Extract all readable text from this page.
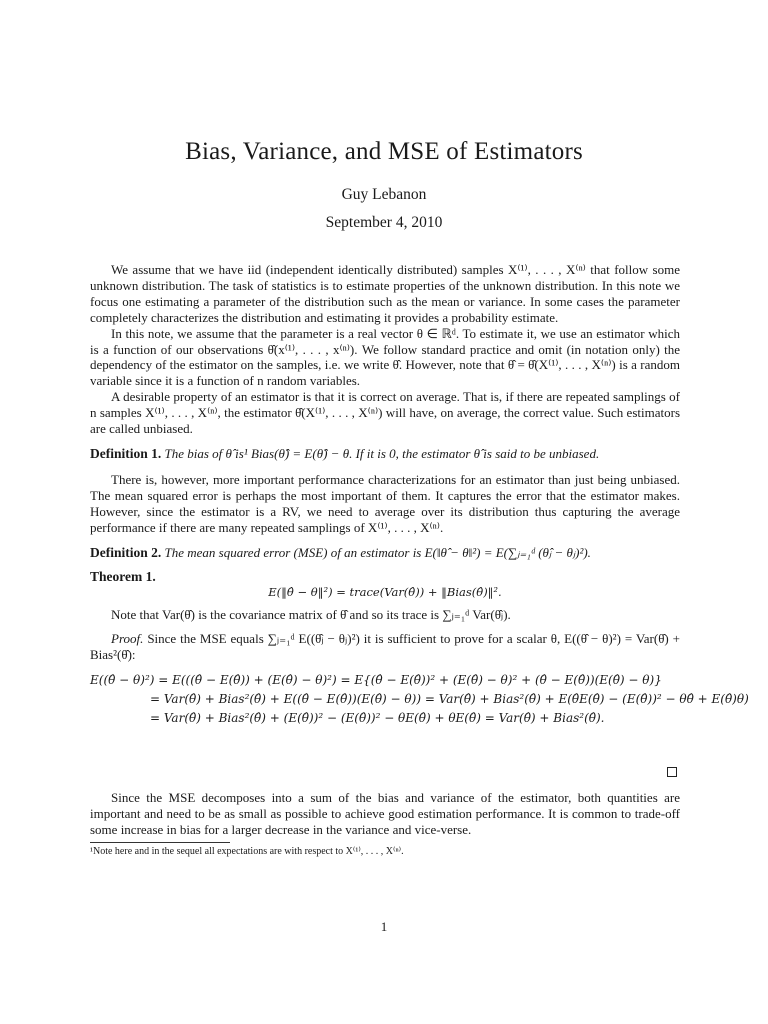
Bias, Variance, and MSE of Estimators
Guy Lebanon
September 4, 2010

We assume that we have iid (independent identically distributed) samples X⁽¹⁾, . . . , X⁽ⁿ⁾ that follow some unknown distribution. The task of statistics is to estimate properties of the unknown distribution. In this note we focus one estimating a parameter of the distribution such as the mean or variance. In some cases the parameter completely characterizes the distribution and estimating it provides a probability estimate.

In this note, we assume that the parameter is a real vector θ ∈ ℝᵈ. To estimate it, we use an estimator which is a function of our observations θ̂(x⁽¹⁾, . . . , x⁽ⁿ⁾). We follow standard practice and omit (in notation only) the dependency of the estimator on the samples, i.e. we write θ̂. However, note that θ̂ = θ̂(X⁽¹⁾, . . . , X⁽ⁿ⁾) is a random variable since it is a function of n random variables.

A desirable property of an estimator is that it is correct on average. That is, if there are repeated samplings of n samples X⁽¹⁾, . . . , X⁽ⁿ⁾, the estimator θ̂(X⁽¹⁾, . . . , X⁽ⁿ⁾) will have, on average, the correct value. Such estimators are called unbiased.

Definition 1. The bias of θ̂ is¹ Bias(θ̂) = E(θ̂) − θ. If it is 0, the estimator θ̂ is said to be unbiased.

There is, however, more important performance characterizations for an estimator than just being unbiased. The mean squared error is perhaps the most important of them. It captures the error that the estimator makes. However, since the estimator is a RV, we need to average over its distribution thus capturing the average performance if there are many repeated samplings of X⁽¹⁾, . . . , X⁽ⁿ⁾.

Definition 2. The mean squared error (MSE) of an estimator is E(‖θ̂ − θ‖²) = E(∑ⱼ₌₁ᵈ (θ̂ⱼ − θⱼ)²).
Theorem 1.
E(‖θ̂ − θ‖²) = trace(Var(θ̂)) + ‖Bias(θ̂)‖².

Note that Var(θ̂) is the covariance matrix of θ̂ and so its trace is ∑ⱼ₌₁ᵈ Var(θ̂ⱼ).

Proof. Since the MSE equals ∑ⱼ₌₁ᵈ E((θ̂ⱼ − θⱼ)²) it is sufficient to prove for a scalar θ, E((θ̂ − θ)²) = Var(θ̂) + Bias²(θ̂):

E((θ̂ − θ)²) = E(((θ̂ − E(θ̂)) + (E(θ̂) − θ)²) = E{(θ̂ − E(θ̂))² + (E(θ̂) − θ)² + (θ̂ − E(θ̂))(E(θ̂) − θ)}
= Var(θ̂) + Bias²(θ̂) + E((θ̂ − E(θ̂))(E(θ̂) − θ)) = Var(θ̂) + Bias²(θ̂) + E(θ̂E(θ̂) − (E(θ̂))² − θθ̂ + E(θ̂)θ)
= Var(θ̂) + Bias²(θ̂) + (E(θ̂))² − (E(θ̂))² − θE(θ̂) + θE(θ̂) = Var(θ̂) + Bias²(θ̂).

Since the MSE decomposes into a sum of the bias and variance of the estimator, both quantities are important and need to be as small as possible to achieve good estimation performance. It is common to trade-off some increase in bias for a larger decrease in the variance and vice-verse.

¹Note here and in the sequel all expectations are with respect to X⁽¹⁾, . . . , X⁽ⁿ⁾.
1
